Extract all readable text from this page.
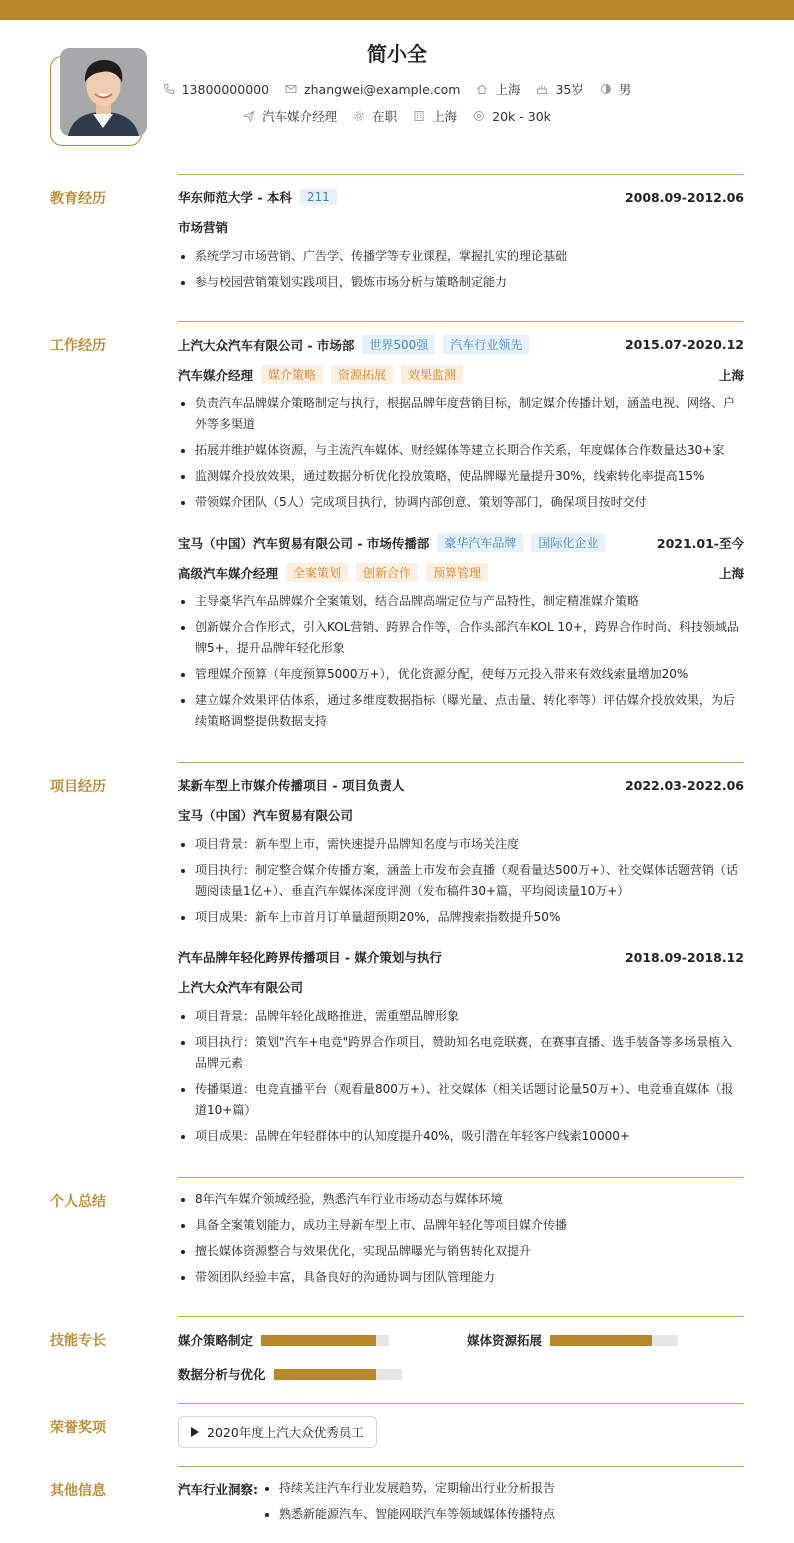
简小全
13800000000	zhangwei@example.com	上海	35岁	男
汽车媒介经理	在职	上海	20k - 30k
教育经历	华东师范大学 - 本科	211	2008.09-2012.06
市场营销
系统学习市场营销、广告学、传播学等专业课程，掌握扎实的理论基础
参与校园营销策划实践项目，锻炼市场分析与策略制定能力
工作经历	上汽大众汽车有限公司 - 市场部	世界500强	汽车行业领先	2015.07-2020.12
汽车媒介经理	媒介策略	资源拓展	效果监测	上海
负责汽车品牌媒介策略制定与执行，根据品牌年度营销目标，制定媒介传播计划，涵盖电视、网络、户外等多渠道
拓展并维护媒体资源，与主流汽车媒体、财经媒体等建立长期合作关系，年度媒体合作数量达30+家
监测媒介投放效果，通过数据分析优化投放策略，使品牌曝光量提升30%，线索转化率提高15%
带领媒介团队（5人）完成项目执行，协调内部创意、策划等部门，确保项目按时交付
宝马（中国）汽车贸易有限公司 - 市场传播部	豪华汽车品牌	国际化企业	2021.01-至今
高级汽车媒介经理	全案策划	创新合作	预算管理	上海
主导豪华汽车品牌媒介全案策划，结合品牌高端定位与产品特性，制定精准媒介策略
创新媒介合作形式，引入KOL营销、跨界合作等，合作头部汽车KOL 10+，跨界合作时尚、科技领域品牌5+，提升品牌年轻化形象
管理媒介预算（年度预算5000万+），优化资源分配，使每万元投入带来有效线索量增加20%
建立媒介效果评估体系，通过多维度数据指标（曝光量、点击量、转化率等）评估媒介投放效果，为后续策略调整提供数据支持
项目经历	某新车型上市媒介传播项目 - 项目负责人	2022.03-2022.06
宝马（中国）汽车贸易有限公司
项目背景：新车型上市，需快速提升品牌知名度与市场关注度
项目执行：制定整合媒介传播方案，涵盖上市发布会直播（观看量达500万+）、社交媒体话题营销（话题阅读量1亿+）、垂直汽车媒体深度评测（发布稿件30+篇，平均阅读量10万+）
项目成果：新车上市首月订单量超预期20%，品牌搜索指数提升50%
汽车品牌年轻化跨界传播项目 - 媒介策划与执行	2018.09-2018.12
上汽大众汽车有限公司
项目背景：品牌年轻化战略推进，需重塑品牌形象
项目执行：策划"汽车+电竞"跨界合作项目，赞助知名电竞联赛，在赛事直播、选手装备等多场景植入品牌元素
传播渠道：电竞直播平台（观看量800万+）、社交媒体（相关话题讨论量50万+）、电竞垂直媒体（报道10+篇）
项目成果：品牌在年轻群体中的认知度提升40%，吸引潜在年轻客户线索10000+
个人总结	8年汽车媒介领域经验，熟悉汽车行业市场动态与媒体环境
具备全案策划能力，成功主导新车型上市、品牌年轻化等项目媒介传播
擅长媒体资源整合与效果优化，实现品牌曝光与销售转化双提升
带领团队经验丰富，具备良好的沟通协调与团队管理能力
技能专长	媒介策略制定	媒体资源拓展
数据分析与优化
荣誉奖项	2020年度上汽大众优秀员工
其他信息	汽车行业洞察:	持续关注汽车行业发展趋势，定期输出行业分析报告
熟悉新能源汽车、智能网联汽车等领域媒体传播特点
